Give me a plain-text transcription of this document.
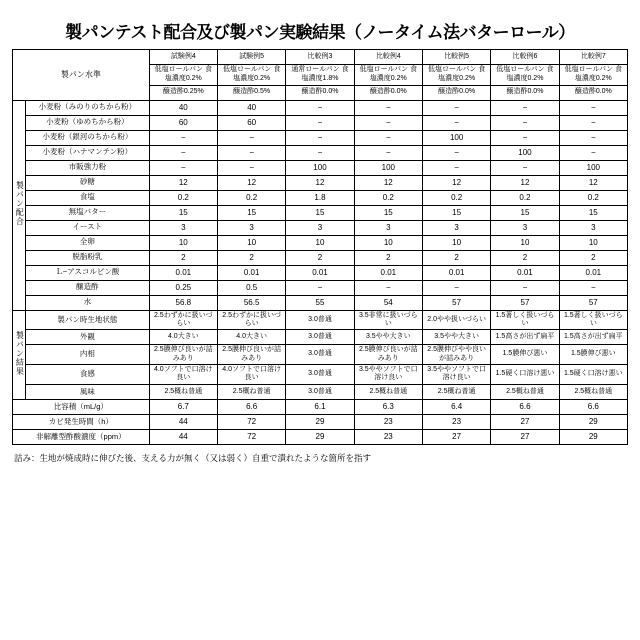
製パンテスト配合及び製パン実験結果（ノータイム法バターロール）
製パン水準		試験例4	試験例5	比較例3	比較例4	比較例5	比較例6	比較例7
		低塩ロールパン 食塩濃度0.2%	低塩ロールパン 食塩濃度0.2%	通常ロールパン 食塩濃度1.8%	低塩ロールパン 食塩濃度0.2%	低塩ロールパン 食塩濃度0.2%	低塩ロールパン 食塩濃度0.2%	低塩ロールパン 食塩濃度0.2%
		醸造酢0.25%	醸造酢0.5%	醸造酢0.0%	醸造酢0.0%	醸造酢0.0%	醸造酢0.0%	醸造酢0.0%
製パン配合	小麦粉（みのりのちから粉）	40	40	−	−	−	−	−
	小麦粉（ゆめちから粉）	60	60	−	−	−	−	−
	小麦粉（銀河のちから粉）	−	−	−	−	100	−	−
	小麦粉（ハナマンテン粉）	−	−	−	−	−	100	−
	市販強力粉	−	−	100	100	−	−	100
	砂糖	12	12	12	12	12	12	12
	食塩	0.2	0.2	1.8	0.2	0.2	0.2	0.2
	無塩バター	15	15	15	15	15	15	15
	イースト	3	3	3	3	3	3	3
	全卵	10	10	10	10	10	10	10
	脱脂粉乳	2	2	2	2	2	2	2
	Ｌ−アスコルビン酸	0.01	0.01	0.01	0.01	0.01	0.01	0.01
	醸造酢	0.25	0.5	−	−	−	−	−
	水	56.8	56.5	55	54	57	57	57
製パン結果	製パン時生地状態	2.5わずかに扱いづらい	2.5わずかに扱いづらい	3.0普通	3.5非常に扱いづらい	2.0やや扱いづらい	1.5著しく扱いづらい	1.5著しく扱いづらい
	外観	4.0大きい	4.0大きい	3.0普通	3.5やや大きい	3.5やや大きい	1.5高さが出ず扁平	1.5高さが出ず扁平
	内相	2.5膜伸び良いが詰みあり	2.5膜伸び良いが詰みあり	3.0普通	2.5膜伸び良いが詰みあり	2.5膜伸びやや良いが詰みあり	1.5膜伸び悪い	1.5膜伸び悪い
	食感	4.0ソフトで口溶け良い	4.0ソフトで口溶け良い	3.0普通	3.5ややソフトで口溶け良い	3.5ややソフトで口溶け良い	1.5硬く口溶け悪い	1.5硬く口溶け悪い
	風味	2.5概ね普通	2.5概ね普通	3.0普通	2.5概ね普通	2.5概ね普通	2.5概ね普通	2.5概ね普通
比容積（mL/g）		6.7	6.6	6.1	6.3	6.4	6.6	6.6
カビ発生時間（h）		44	72	29	23	23	27	29
非解離型酢酸濃度（ppm）		44	72	29	23	27	27	29
詰み：生地が焼成時に伸びた後、支える力が無く（又は弱く）自重で潰れたような箇所を指す
